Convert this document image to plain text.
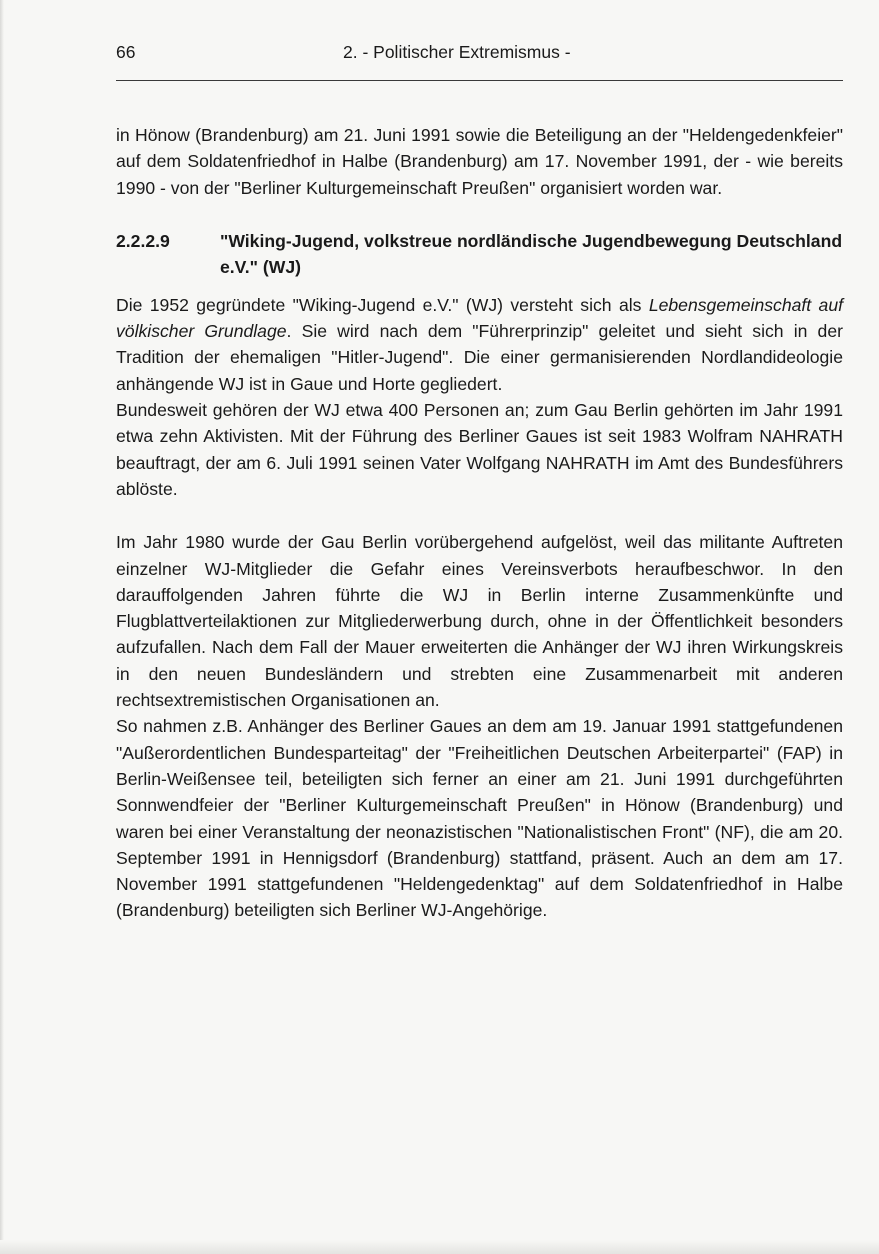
66	2. - Politischer Extremismus -

in Hönow (Brandenburg) am 21. Juni 1991 sowie die Beteiligung an der "Heldengedenkfeier" auf dem Soldatenfriedhof in Halbe (Brandenburg) am 17. November 1991, der - wie bereits 1990 - von der "Berliner Kulturgemeinschaft Preußen" organisiert worden war.

2.2.2.9	"Wiking-Jugend, volkstreue nordländische Jugendbewegung Deutschland e.V." (WJ)

Die 1952 gegründete "Wiking-Jugend e.V." (WJ) versteht sich als Lebensgemeinschaft auf völkischer Grundlage. Sie wird nach dem "Führerprinzip" geleitet und sieht sich in der Tradition der ehemaligen "Hitler-Jugend". Die einer germanisierenden Nordlandideologie anhängende WJ ist in Gaue und Horte gegliedert.

Bundesweit gehören der WJ etwa 400 Personen an; zum Gau Berlin gehörten im Jahr 1991 etwa zehn Aktivisten. Mit der Führung des Berliner Gaues ist seit 1983 Wolfram NAHRATH beauftragt, der am 6. Juli 1991 seinen Vater Wolfgang NAHRATH im Amt des Bundesführers ablöste.

Im Jahr 1980 wurde der Gau Berlin vorübergehend aufgelöst, weil das militante Auftreten einzelner WJ-Mitglieder die Gefahr eines Vereinsverbots heraufbeschwor. In den darauffolgenden Jahren führte die WJ in Berlin interne Zusammenkünfte und Flugblattverteilaktionen zur Mitgliederwerbung durch, ohne in der Öffentlichkeit besonders aufzufallen. Nach dem Fall der Mauer erweiterten die Anhänger der WJ ihren Wirkungskreis in den neuen Bundesländern und strebten eine Zusammenarbeit mit anderen rechtsextremistischen Organisationen an.

So nahmen z.B. Anhänger des Berliner Gaues an dem am 19. Januar 1991 stattgefundenen "Außerordentlichen Bundesparteitag" der "Freiheitlichen Deutschen Arbeiterpartei" (FAP) in Berlin-Weißensee teil, beteiligten sich ferner an einer am 21. Juni 1991 durchgeführten Sonnwendfeier der "Berliner Kulturgemeinschaft Preußen" in Hönow (Brandenburg) und waren bei einer Veranstaltung der neonazistischen "Nationalistischen Front" (NF), die am 20. September 1991 in Hennigsdorf (Brandenburg) stattfand, präsent. Auch an dem am 17. November 1991 stattgefundenen "Heldengedenktag" auf dem Soldatenfriedhof in Halbe (Brandenburg) beteiligten sich Berliner WJ-Angehörige.
